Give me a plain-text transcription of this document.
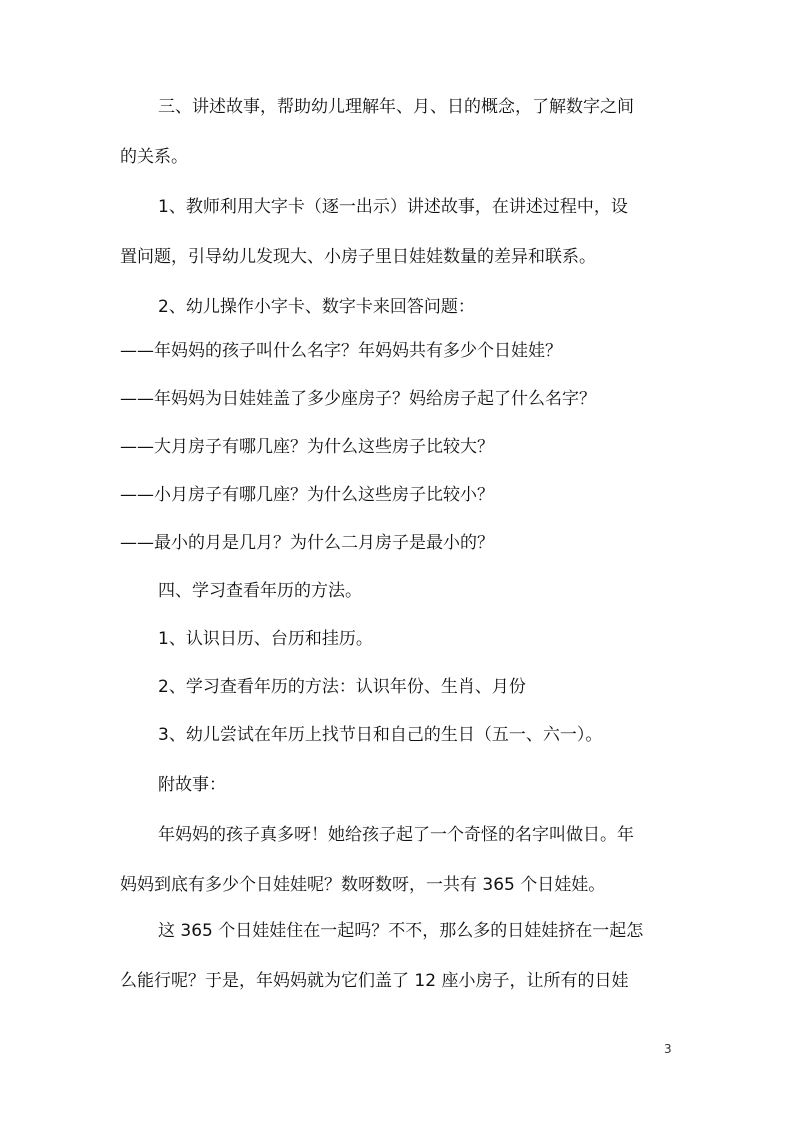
三、讲述故事，帮助幼儿理解年、月、日的概念，了解数字之间
的关系。
1、教师利用大字卡（逐一出示）讲述故事，在讲述过程中，设
置问题，引导幼儿发现大、小房子里日娃娃数量的差异和联系。
2、幼儿操作小字卡、数字卡来回答问题：
——年妈妈的孩子叫什么名字？年妈妈共有多少个日娃娃？
——年妈妈为日娃娃盖了多少座房子？妈给房子起了什么名字？
——大月房子有哪几座？为什么这些房子比较大？
——小月房子有哪几座？为什么这些房子比较小？
——最小的月是几月？为什么二月房子是最小的？
四、学习查看年历的方法。
1、认识日历、台历和挂历。
2、学习查看年历的方法：认识年份、生肖、月份
3、幼儿尝试在年历上找节日和自己的生日（五一、六一）。
附故事：
年妈妈的孩子真多呀！她给孩子起了一个奇怪的名字叫做日。年
妈妈到底有多少个日娃娃呢？数呀数呀，一共有 365 个日娃娃。
这 365 个日娃娃住在一起吗？不不，那么多的日娃娃挤在一起怎
么能行呢？于是，年妈妈就为它们盖了 12 座小房子，让所有的日娃
3
